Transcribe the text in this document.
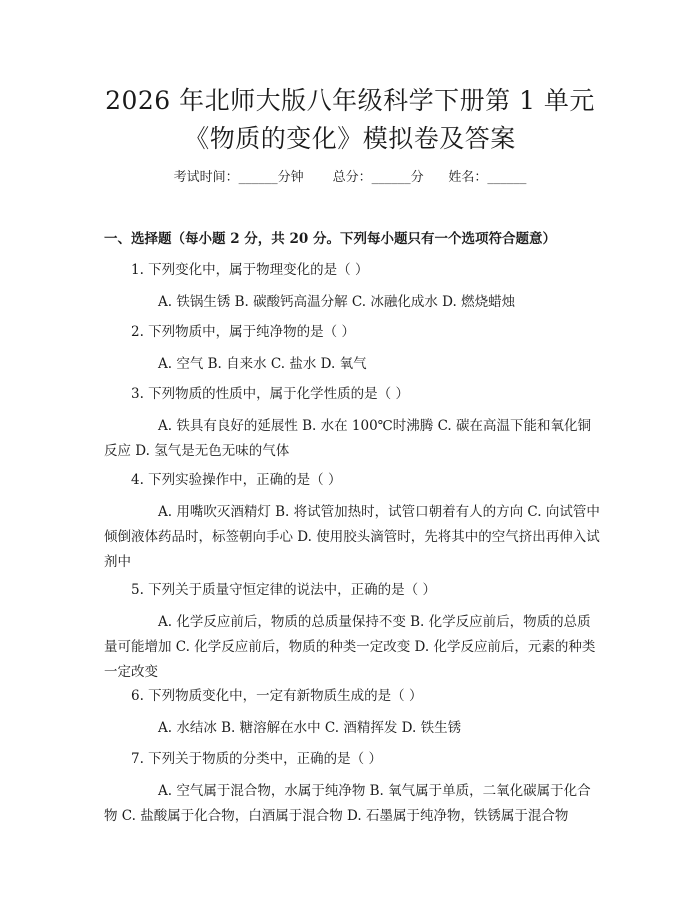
2026 年北师大版八年级科学下册第 1 单元
《物质的变化》模拟卷及答案
考试时间：______分钟 总分：______分 姓名：______
一、选择题（每小题 2 分，共 20 分。下列每小题只有一个选项符合题意）
1. 下列变化中，属于物理变化的是（ ）
A. 铁锅生锈 B. 碳酸钙高温分解 C. 冰融化成水 D. 燃烧蜡烛
2. 下列物质中，属于纯净物的是（ ）
A. 空气 B. 自来水 C. 盐水 D. 氧气
3. 下列物质的性质中，属于化学性质的是（ ）
A. 铁具有良好的延展性 B. 水在 100℃时沸腾 C. 碳在高温下能和氧化铜反应 D. 氢气是无色无味的气体
4. 下列实验操作中，正确的是（ ）
A. 用嘴吹灭酒精灯 B. 将试管加热时，试管口朝着有人的方向 C. 向试管中倾倒液体药品时，标签朝向手心 D. 使用胶头滴管时，先将其中的空气挤出再伸入试剂中
5. 下列关于质量守恒定律的说法中，正确的是（ ）
A. 化学反应前后，物质的总质量保持不变 B. 化学反应前后，物质的总质量可能增加 C. 化学反应前后，物质的种类一定改变 D. 化学反应前后，元素的种类一定改变
6. 下列物质变化中，一定有新物质生成的是（ ）
A. 水结冰 B. 糖溶解在水中 C. 酒精挥发 D. 铁生锈
7. 下列关于物质的分类中，正确的是（ ）
A. 空气属于混合物，水属于纯净物 B. 氧气属于单质，二氧化碳属于化合物 C. 盐酸属于化合物，白酒属于混合物 D. 石墨属于纯净物，铁锈属于混合物
